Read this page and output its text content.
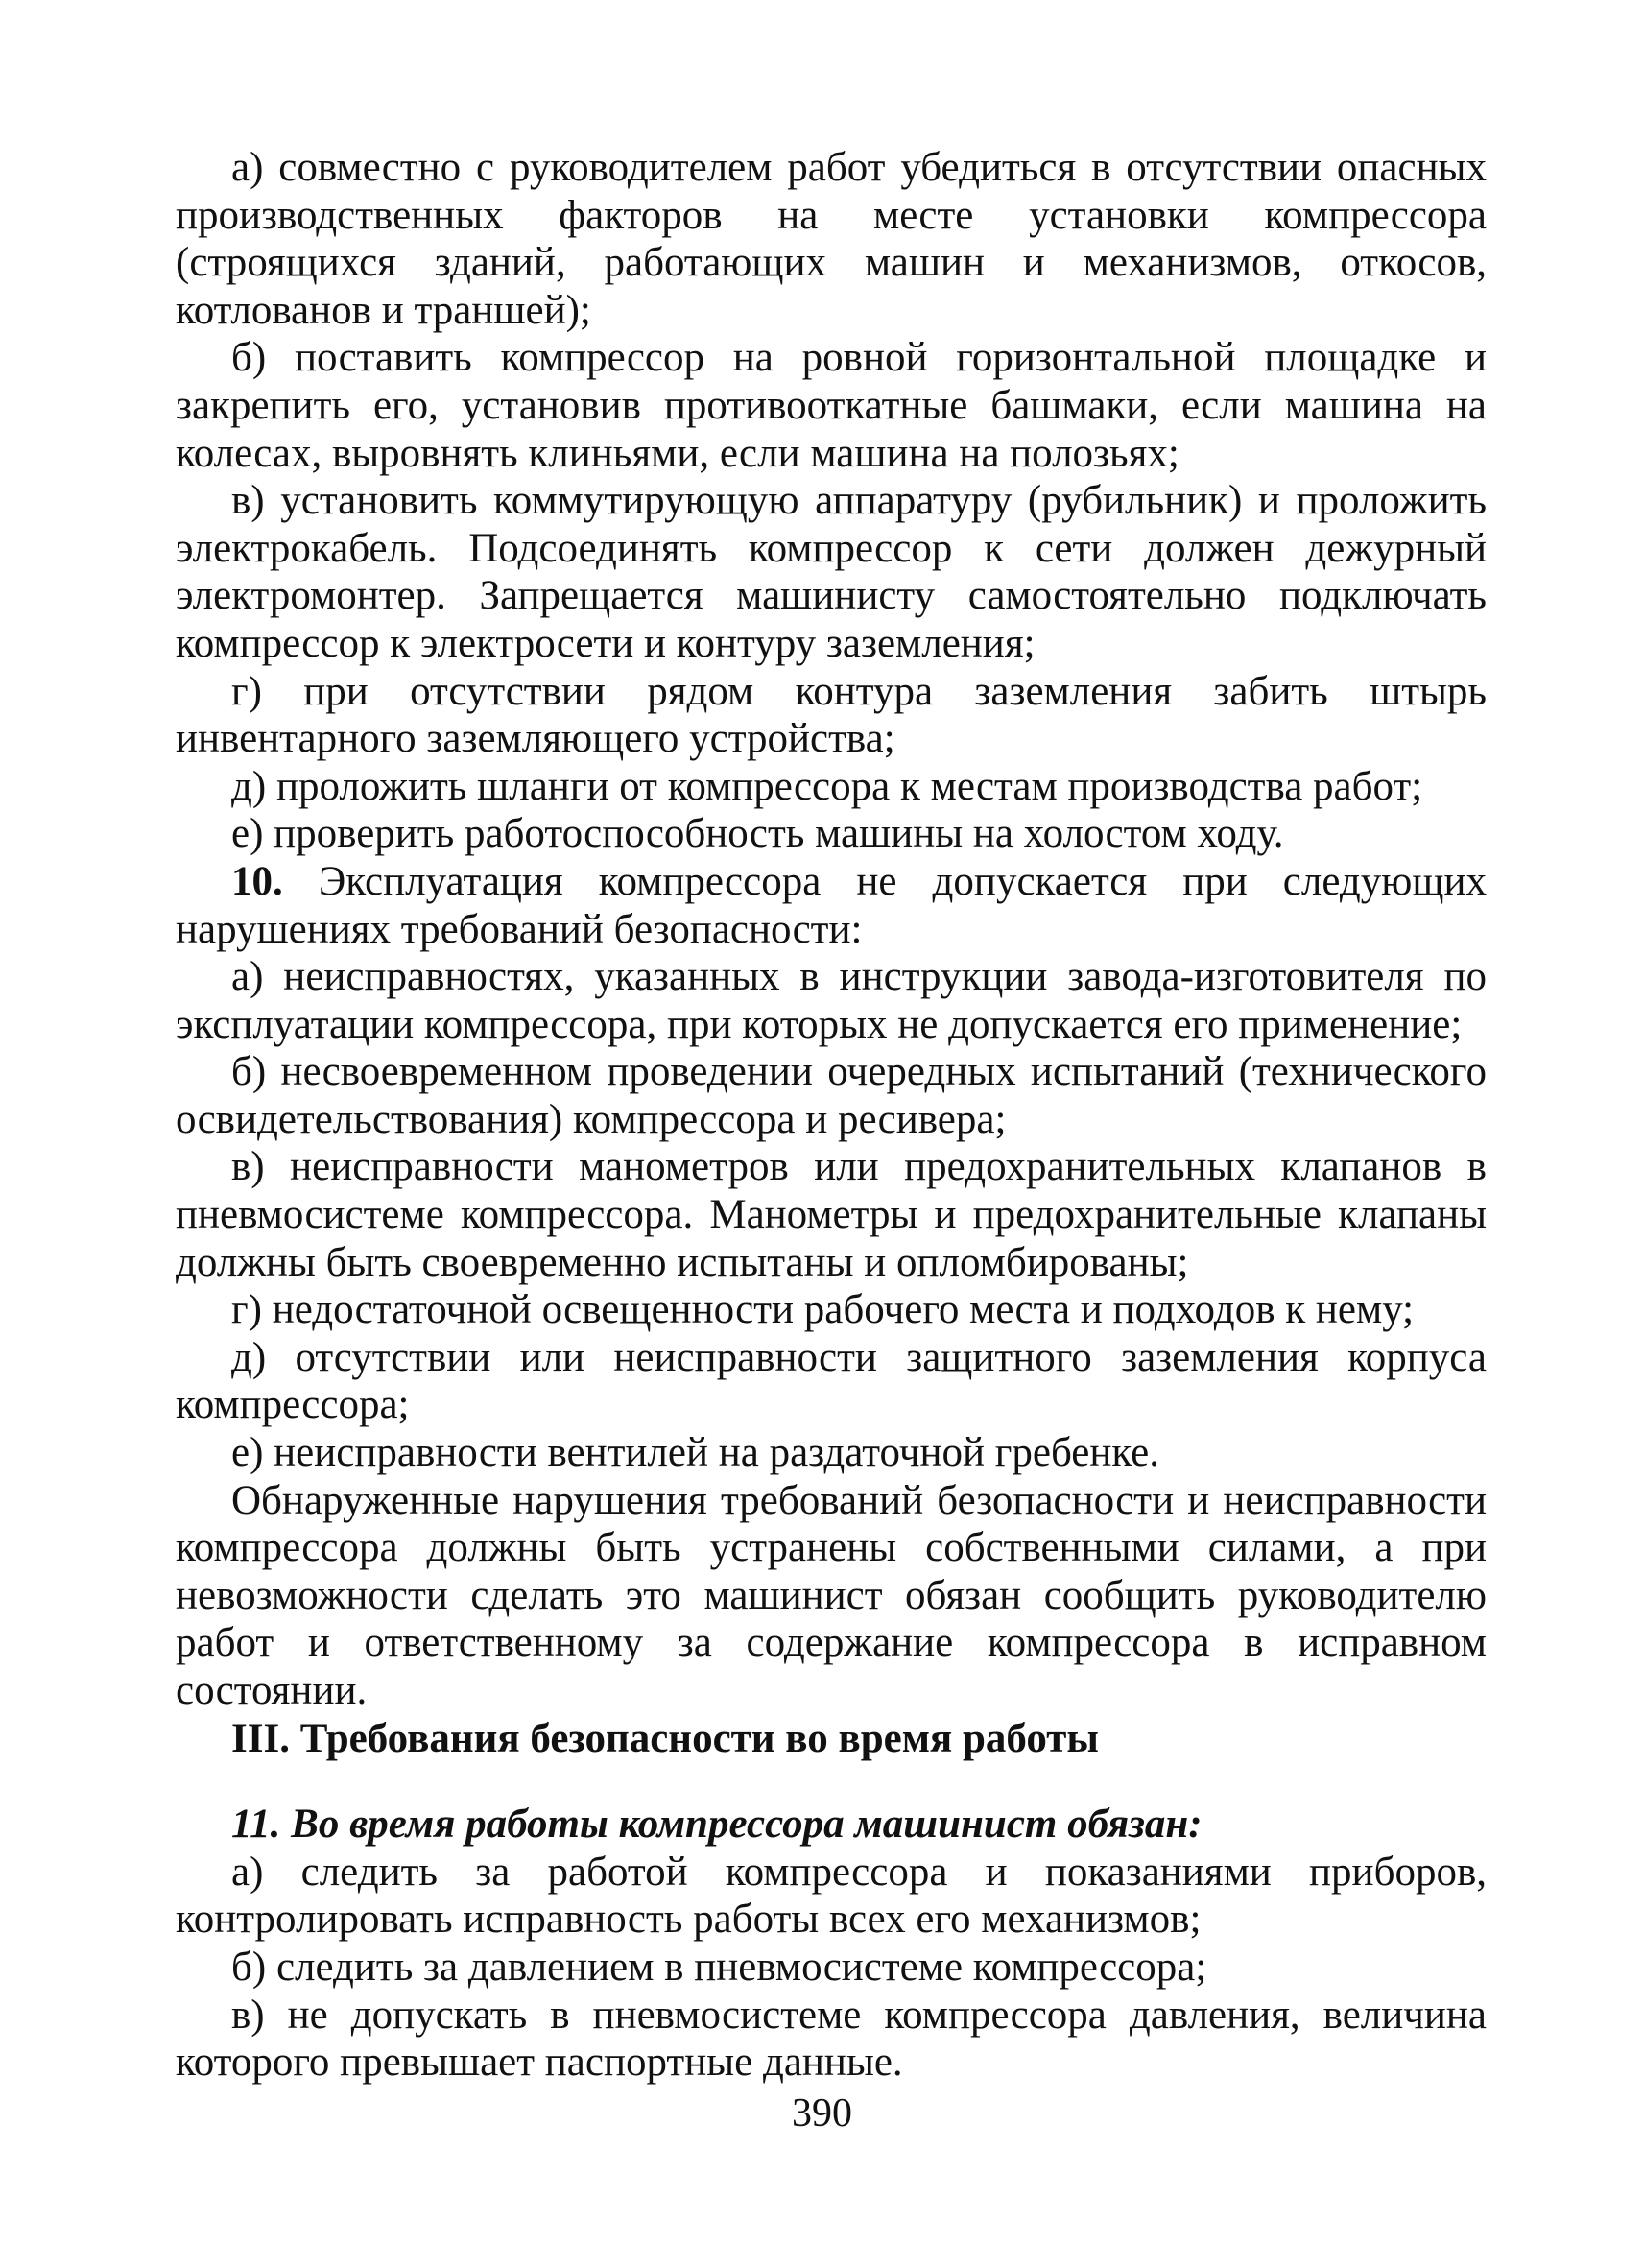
а) совместно с руководителем работ убедиться в отсутствии опасных производственных факторов на месте установки компрессора (строящихся зданий, работающих машин и механизмов, откосов, котлованов и траншей);

б) поставить компрессор на ровной горизонтальной площадке и закрепить его, установив противооткатные башмаки, если машина на колесах, выровнять клиньями, если машина на полозьях;

в) установить коммутирующую аппаратуру (рубильник) и проложить электрокабель. Подсоединять компрессор к сети должен дежурный электромонтер. Запрещается машинисту самостоятельно подключать компрессор к электросети и контуру заземления;

г) при отсутствии рядом контура заземления забить штырь инвентарного заземляющего устройства;

д) проложить шланги от компрессора к местам производства работ;

е) проверить работоспособность машины на холостом ходу.

10. Эксплуатация компрессора не допускается при следующих нарушениях требований безопасности:

а) неисправностях, указанных в инструкции завода-изготовителя по эксплуатации компрессора, при которых не допускается его применение;

б) несвоевременном проведении очередных испытаний (технического освидетельствования) компрессора и ресивера;

в) неисправности манометров или предохранительных клапанов в пневмосистеме компрессора. Манометры и предохранительные клапаны должны быть своевременно испытаны и опломбированы;

г) недостаточной освещенности рабочего места и подходов к нему;

д) отсутствии или неисправности защитного заземления корпуса компрессора;

е) неисправности вентилей на раздаточной гребенке.

Обнаруженные нарушения требований безопасности и неисправности компрессора должны быть устранены собственными силами, а при невозможности сделать это машинист обязан сообщить руководителю работ и ответственному за содержание компрессора в исправном состоянии.

III. Требования безопасности во время работы

11. Во время работы компрессора машинист обязан:

а) следить за работой компрессора и показаниями приборов, контролировать исправность работы всех его механизмов;

б) следить за давлением в пневмосистеме компрессора;

в) не допускать в пневмосистеме компрессора давления, величина которого превышает паспортные данные.

390
